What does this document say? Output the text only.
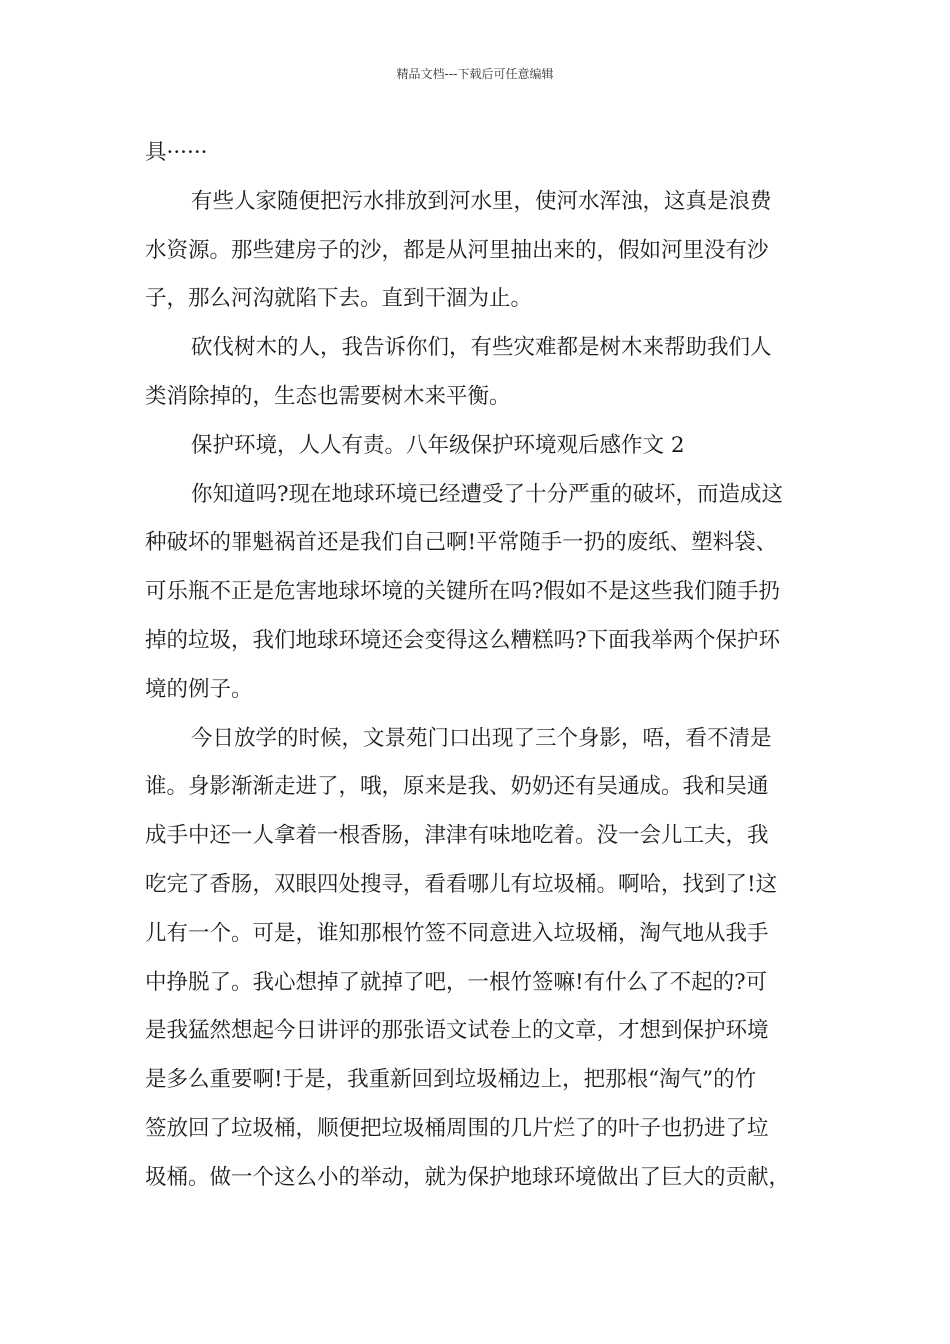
精品文档---下载后可任意编辑
具······
有些人家随便把污水排放到河水里，使河水浑浊，这真是浪费
水资源。那些建房子的沙，都是从河里抽出来的，假如河里没有沙
子，那么河沟就陷下去。直到干涸为止。
砍伐树木的人，我告诉你们，有些灾难都是树木来帮助我们人
类消除掉的，生态也需要树木来平衡。
保护环境，人人有责。八年级保护环境观后感作文 2
你知道吗?现在地球环境已经遭受了十分严重的破坏，而造成这
种破坏的罪魁祸首还是我们自己啊!平常随手一扔的废纸、塑料袋、
可乐瓶不正是危害地球坏境的关键所在吗?假如不是这些我们随手扔
掉的垃圾，我们地球环境还会变得这么糟糕吗?下面我举两个保护环
境的例子。
今日放学的时候，文景苑门口出现了三个身影，唔，看不清是
谁。身影渐渐走进了，哦，原来是我、奶奶还有吴通成。我和吴通
成手中还一人拿着一根香肠，津津有味地吃着。没一会儿工夫，我
吃完了香肠，双眼四处搜寻，看看哪儿有垃圾桶。啊哈，找到了!这
儿有一个。可是，谁知那根竹签不同意进入垃圾桶，淘气地从我手
中挣脱了。我心想掉了就掉了吧，一根竹签嘛!有什么了不起的?可
是我猛然想起今日讲评的那张语文试卷上的文章，才想到保护环境
是多么重要啊!于是，我重新回到垃圾桶边上，把那根“淘气”的竹
签放回了垃圾桶，顺便把垃圾桶周围的几片烂了的叶子也扔进了垃
圾桶。做一个这么小的举动，就为保护地球环境做出了巨大的贡献，
